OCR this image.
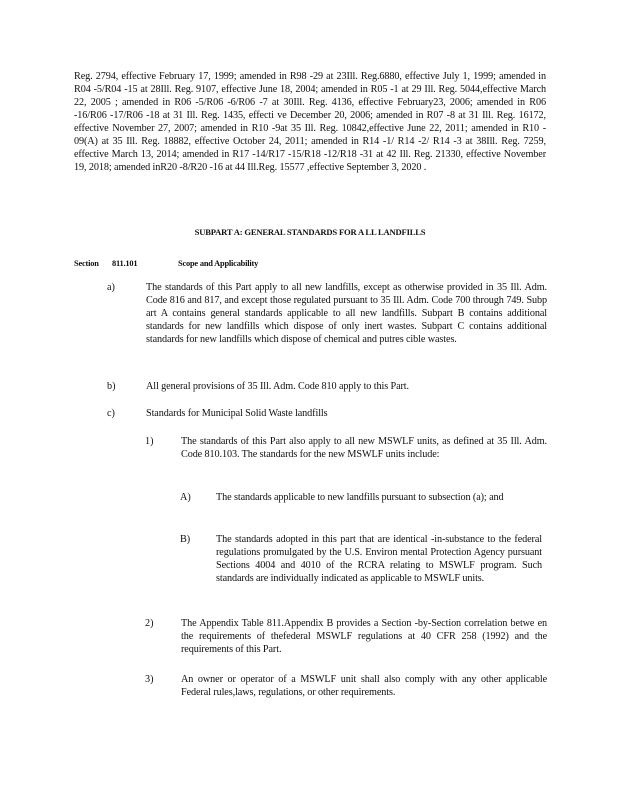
Reg. 2794, effective February 17, 1999; amended in R98 -29 at 23Ill. Reg.6880, effective July 1, 1999; amended in R04 -5/R04 -15 at 28Ill. Reg. 9107, effective June 18, 2004; amended in R05 -1 at 29 Ill. Reg. 5044,effective March 22, 2005 ; amended in R06 -5/R06 -6/R06 -7 at 30Ill. Reg. 4136, effective February23, 2006; amended in R06 -16/R06 -17/R06 -18 at 31 Ill. Reg. 1435, effecti ve December 20, 2006; amended in R07 -8 at 31 Ill. Reg. 16172, effective November 27, 2007; amended in R10 -9at 35 Ill. Reg. 10842,effective June 22, 2011; amended in R10 - 09(A) at 35 Ill. Reg. 18882, effective October 24, 2011; amended in R14 -1/ R14 -2/ R14 -3 at 38Ill. Reg. 7259, effective March 13, 2014; amended in R17 -14/R17 -15/R18 -12/R18 -31 at 42 Ill. Reg. 21330, effective November 19, 2018; amended inR20 -8/R20 -16 at 44 Ill.Reg. 15577 ,effective September 3, 2020 .
SUBPART A: GENERAL STANDARDS FOR A LL LANDFILLS
Section 811.101	Scope and Applicability
a)	The standards of this Part apply to all new landfills, except as otherwise provided in 35 Ill. Adm. Code 816 and 817, and except those regulated pursuant to 35 Ill. Adm. Code 700 through 749. Subp art A contains general standards applicable to all new landfills. Subpart B contains additional standards for new landfills which dispose of only inert wastes. Subpart C contains additional standards for new landfills which dispose of chemical and putres cible wastes.
b)	All general provisions of 35 Ill. Adm. Code 810 apply to this Part.
c)	Standards for Municipal Solid Waste landfills
1)	The standards of this Part also apply to all new MSWLF units, as defined at 35 Ill. Adm. Code 810.103. The standards for the new MSWLF units include:
A) The standards applicable to new landfills pursuant to subsection (a); and
B)	The standards adopted in this part that are identical -in-substance to the federal regulations promulgated by the U.S. Environ mental Protection Agency pursuant Sections 4004 and 4010 of the RCRA relating to MSWLF program. Such standards are individually indicated as applicable to MSWLF units.
2)	The Appendix Table 811.Appendix B provides a Section -by-Section correlation betwe en the requirements of thefederal MSWLF regulations at 40 CFR 258 (1992) and the requirements of this Part.
3)	An owner or operator of a MSWLF unit shall also comply with any other applicable Federal rules,laws, regulations, or other requirements.
